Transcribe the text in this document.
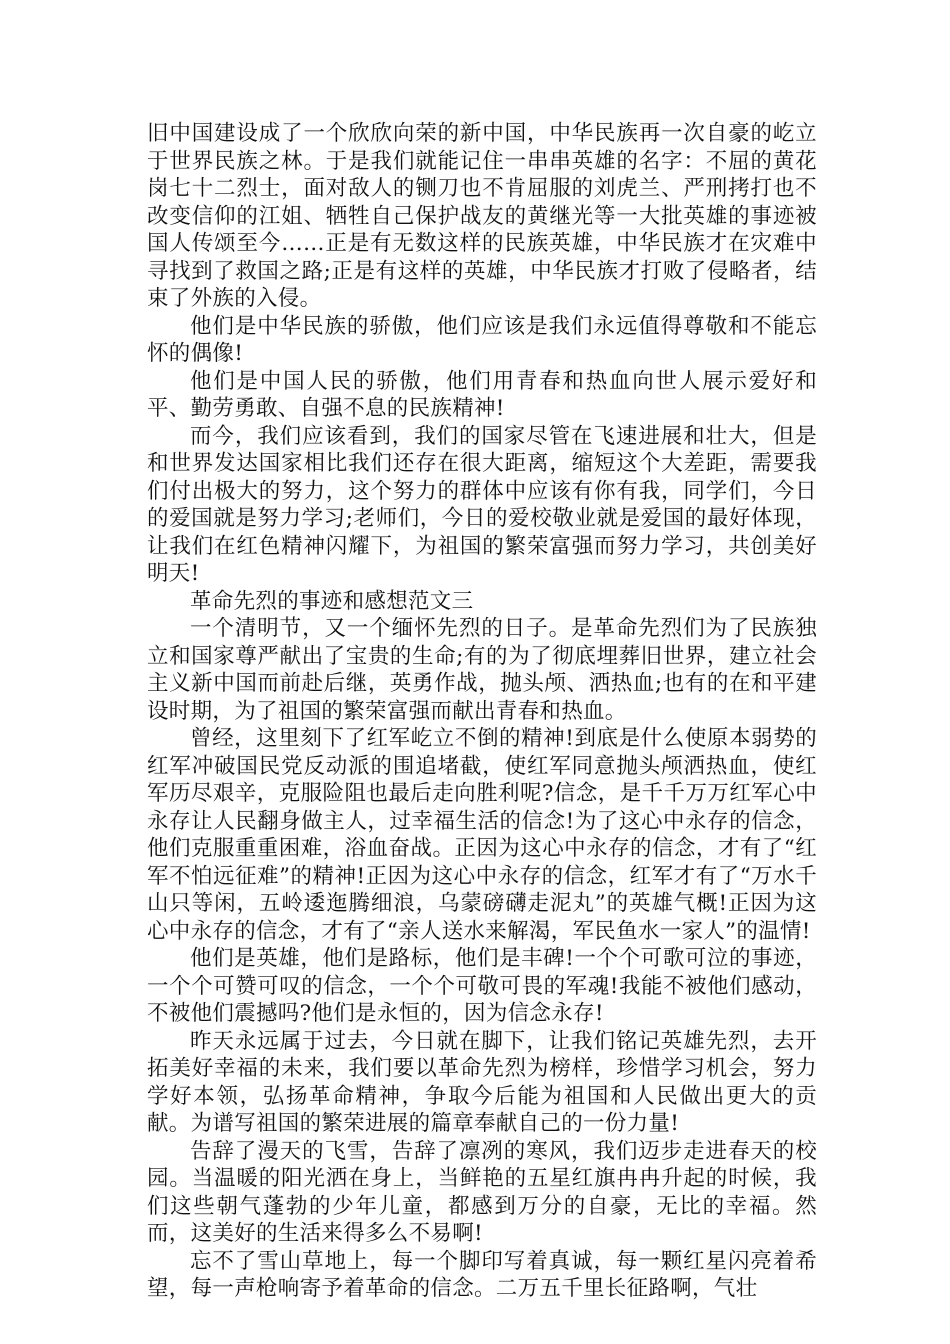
旧中国建设成了一个欣欣向荣的新中国，中华民族再一次自豪的屹立于世界民族之林。于是我们就能记住一串串英雄的名字：不屈的黄花岗七十二烈士，面对敌人的铡刀也不肯屈服的刘虎兰、严刑拷打也不改变信仰的江姐、牺牲自己保护战友的黄继光等一大批英雄的事迹被国人传颂至今……正是有无数这样的民族英雄，中华民族才在灾难中寻找到了救国之路;正是有这样的英雄，中华民族才打败了侵略者，结束了外族的入侵。

他们是中华民族的骄傲，他们应该是我们永远值得尊敬和不能忘怀的偶像!

他们是中国人民的骄傲，他们用青春和热血向世人展示爱好和平、勤劳勇敢、自强不息的民族精神!

而今，我们应该看到，我们的国家尽管在飞速进展和壮大，但是和世界发达国家相比我们还存在很大距离，缩短这个大差距，需要我们付出极大的努力，这个努力的群体中应该有你有我，同学们，今日的爱国就是努力学习;老师们，今日的爱校敬业就是爱国的最好体现，让我们在红色精神闪耀下，为祖国的繁荣富强而努力学习，共创美好明天!

革命先烈的事迹和感想范文三

一个清明节，又一个缅怀先烈的日子。是革命先烈们为了民族独立和国家尊严献出了宝贵的生命;有的为了彻底埋葬旧世界，建立社会主义新中国而前赴后继，英勇作战，抛头颅、洒热血;也有的在和平建设时期，为了祖国的繁荣富强而献出青春和热血。

曾经，这里刻下了红军屹立不倒的精神!到底是什么使原本弱势的红军冲破国民党反动派的围追堵截，使红军同意抛头颅洒热血，使红军历尽艰辛，克服险阻也最后走向胜利呢?信念，是千千万万红军心中永存让人民翻身做主人，过幸福生活的信念!为了这心中永存的信念，他们克服重重困难，浴血奋战。正因为这心中永存的信念，才有了“红军不怕远征难”的精神!正因为这心中永存的信念，红军才有了“万水千山只等闲，五岭逶迤腾细浪，乌蒙磅礴走泥丸”的英雄气概!正因为这心中永存的信念，才有了“亲人送水来解渴，军民鱼水一家人”的温情!

他们是英雄，他们是路标，他们是丰碑!一个个可歌可泣的事迹，一个个可赞可叹的信念，一个个可敬可畏的军魂!我能不被他们感动，不被他们震撼吗?他们是永恒的，因为信念永存!

昨天永远属于过去，今日就在脚下，让我们铭记英雄先烈，去开拓美好幸福的未来，我们要以革命先烈为榜样，珍惜学习机会，努力学好本领，弘扬革命精神，争取今后能为祖国和人民做出更大的贡献。为谱写祖国的繁荣进展的篇章奉献自己的一份力量!

告辞了漫天的飞雪，告辞了凛冽的寒风，我们迈步走进春天的校园。当温暖的阳光洒在身上，当鲜艳的五星红旗冉冉升起的时候，我们这些朝气蓬勃的少年儿童，都感到万分的自豪，无比的幸福。然而，这美好的生活来得多么不易啊!

忘不了雪山草地上，每一个脚印写着真诚，每一颗红星闪亮着希望，每一声枪响寄予着革命的信念。二万五千里长征路啊，气壮
